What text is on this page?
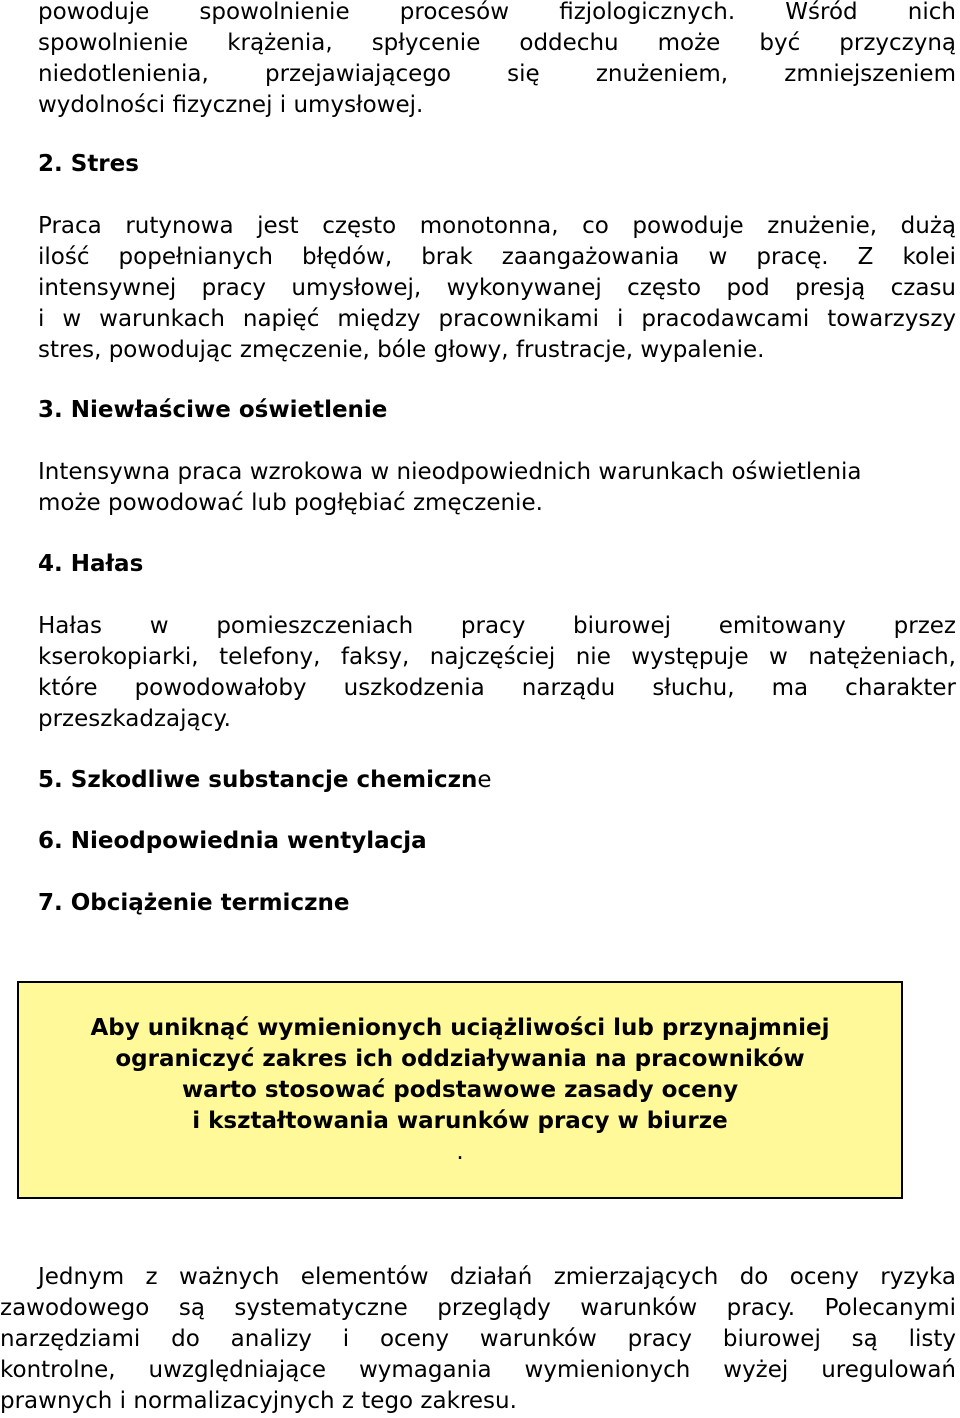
powoduje spowolnienie procesów fizjologicznych. Wśród nich
spowolnienie krążenia, spłycenie oddechu może być przyczyną
niedotlenienia, przejawiającego się znużeniem, zmniejszeniem
wydolności fizycznej i umysłowej.
2. Stres
Praca rutynowa jest często monotonna, co powoduje znużenie, dużą
ilość popełnianych błędów, brak zaangażowania w pracę. Z kolei
intensywnej pracy umysłowej, wykonywanej często pod presją czasu
i w warunkach napięć między pracownikami i pracodawcami towarzyszy
stres, powodując zmęczenie, bóle głowy, frustracje, wypalenie.
3. Niewłaściwe oświetlenie
Intensywna praca wzrokowa w nieodpowiednich warunkach oświetlenia
może powodować lub pogłębiać zmęczenie.
4. Hałas
Hałas w pomieszczeniach pracy biurowej emitowany przez
kserokopiarki, telefony, faksy, najczęściej nie występuje w natężeniach,
które powodowałoby uszkodzenia narządu słuchu, ma charakter
przeszkadzający.
5. Szkodliwe substancje chemiczne
6. Nieodpowiednia wentylacja
7. Obciążenie termiczne

Aby uniknąć wymienionych uciążliwości lub przynajmniej
ograniczyć zakres ich oddziaływania na pracowników
warto stosować podstawowe zasady oceny
i kształtowania warunków pracy w biurze
.

Jednym z ważnych elementów działań zmierzających do oceny ryzyka
zawodowego są systematyczne przeglądy warunków pracy. Polecanymi
narzędziami do analizy i oceny warunków pracy biurowej są listy
kontrolne, uwzględniające wymagania wymienionych wyżej uregulowań
prawnych i normalizacyjnych z tego zakresu.
